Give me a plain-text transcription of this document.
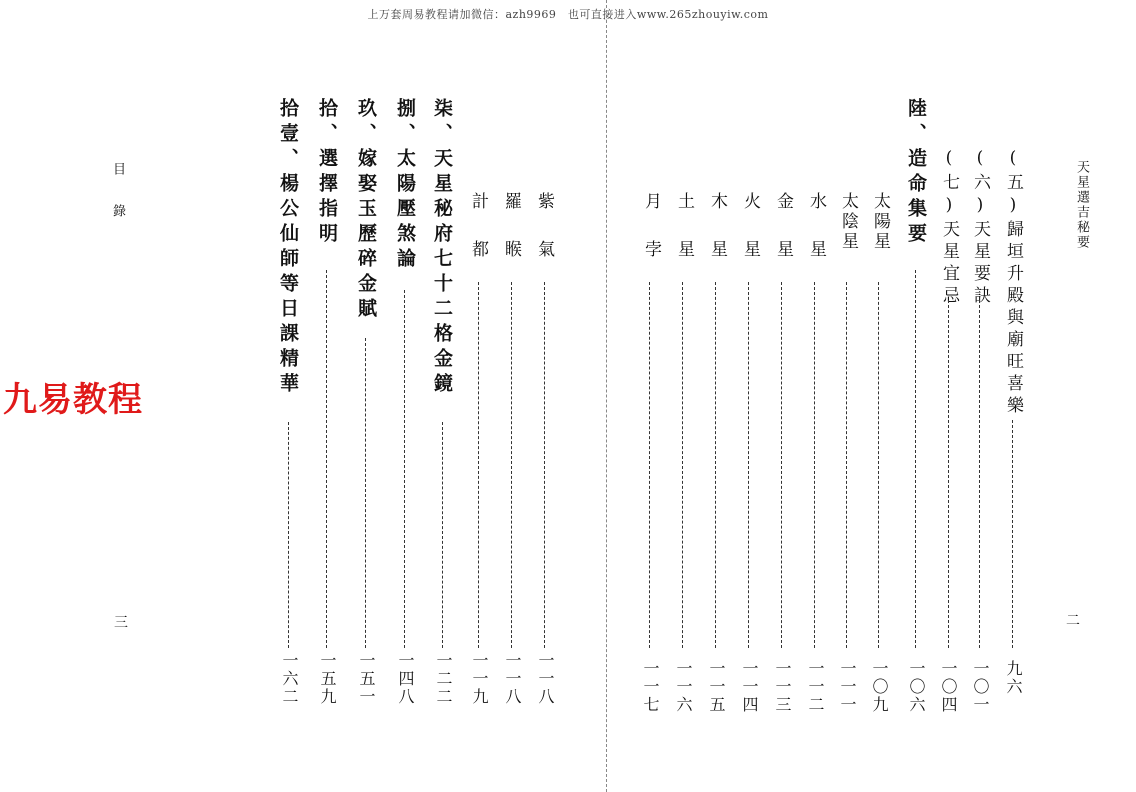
上万套周易教程请加微信：azh9969　也可直接进入www.265zhouyiw.com
九易教程
目　錄
三
柒、天星秘府七十二格金鏡
一二二
捌、太陽壓煞論
一四八
玖、嫁娶玉歷碎金賦
一五一
拾、選擇指明
一五九
拾壹、楊公仙師等日課精華
一六二
紫　氣
一一八
羅　睺
一一八
計　都
一一九
天星選吉秘要
二
(五)歸垣升殿與廟旺喜樂
九六
(六)天星要訣
一〇一
(七)天星宜忌
一〇四
陸、造命集要
一〇六
太陽星
一〇九
太陰星
一一一
水　星
一一二
金　星
一一三
火　星
一一四
木　星
一一五
土　星
一一六
月　孛
一一七
